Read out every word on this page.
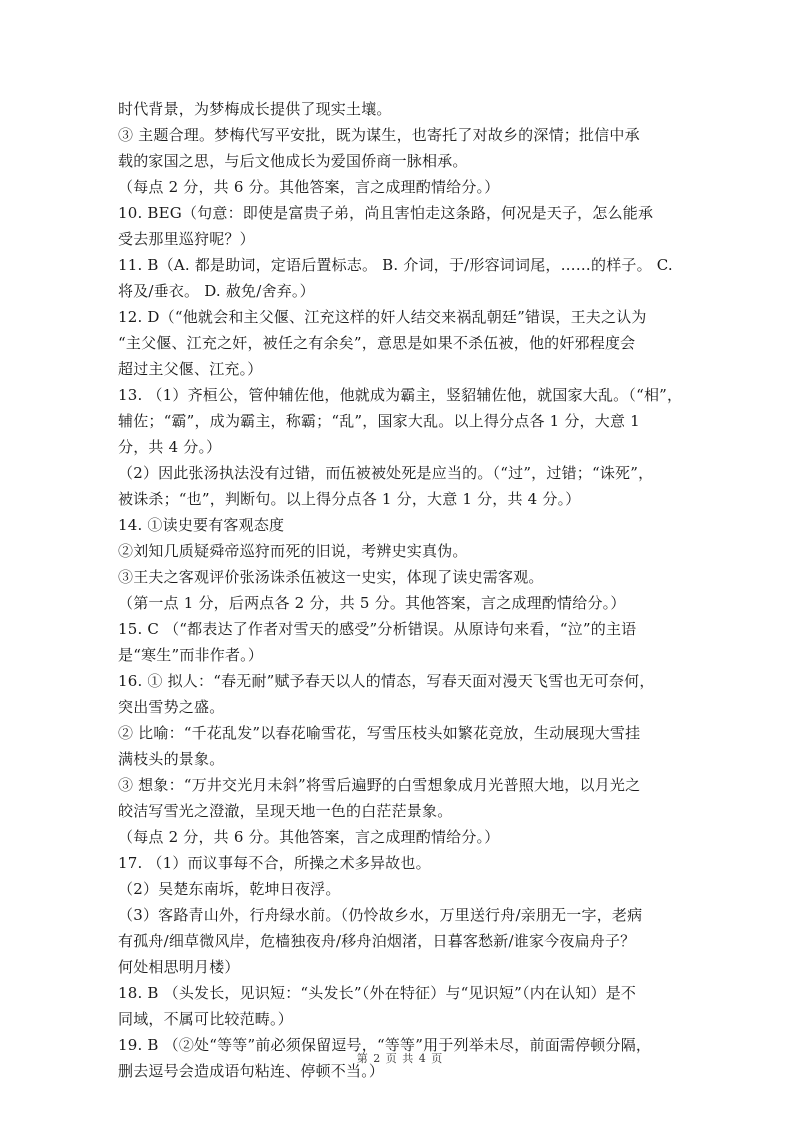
时代背景，为梦梅成长提供了现实土壤。
③ 主题合理。梦梅代写平安批，既为谋生，也寄托了对故乡的深情；批信中承
载的家国之思，与后文他成长为爱国侨商一脉相承。
（每点 2 分，共 6 分。其他答案，言之成理酌情给分。）
10. BEG（句意：即使是富贵子弟，尚且害怕走这条路，何况是天子，怎么能承
受去那里巡狩呢？）
11. B（A. 都是助词，定语后置标志。 B. 介词，于/形容词词尾，……的样子。 C.
将及/垂衣。 D. 赦免/舍弃。）
12. D（“他就会和主父偃、江充这样的奸人结交来祸乱朝廷”错误，王夫之认为
“主父偃、江充之奸，被任之有余矣”，意思是如果不杀伍被，他的奸邪程度会
超过主父偃、江充。）
13. （1）齐桓公，管仲辅佐他，他就成为霸主，竖貂辅佐他，就国家大乱。（“相”，
辅佐；“霸”，成为霸主，称霸；“乱”，国家大乱。以上得分点各 1 分，大意 1
分，共 4 分。）
（2）因此张汤执法没有过错，而伍被被处死是应当的。（“过”，过错；“诛死”，
被诛杀；“也”，判断句。以上得分点各 1 分，大意 1 分，共 4 分。）
14. ①读史要有客观态度
②刘知几质疑舜帝巡狩而死的旧说，考辨史实真伪。
③王夫之客观评价张汤诛杀伍被这一史实，体现了读史需客观。
（第一点 1 分，后两点各 2 分，共 5 分。其他答案，言之成理酌情给分。）
15. C （“都表达了作者对雪天的感受”分析错误。从原诗句来看，“泣”的主语
是“寒生”而非作者。）
16. ① 拟人：“春无耐”赋予春天以人的情态，写春天面对漫天飞雪也无可奈何，
突出雪势之盛。
② 比喻：“千花乱发”以春花喻雪花，写雪压枝头如繁花竞放，生动展现大雪挂
满枝头的景象。
③ 想象：“万井交光月未斜”将雪后遍野的白雪想象成月光普照大地，以月光之
皎洁写雪光之澄澈，呈现天地一色的白茫茫景象。
（每点 2 分，共 6 分。其他答案，言之成理酌情给分。）
17. （1）而议事每不合，所操之术多异故也。
（2）吴楚东南坼，乾坤日夜浮。
（3）客路青山外，行舟绿水前。（仍怜故乡水，万里送行舟/亲朋无一字，老病
有孤舟/细草微风岸，危樯独夜舟/移舟泊烟渚，日暮客愁新/谁家今夜扁舟子？
何处相思明月楼）
18. B （头发长，见识短：“头发长”（外在特征）与“见识短”（内在认知）是不
同域，不属可比较范畴。）
19. B （②处“等等”前必须保留逗号，“等等”用于列举未尽，前面需停顿分隔，
删去逗号会造成语句粘连、停顿不当。）
第 2 页 共 4 页
